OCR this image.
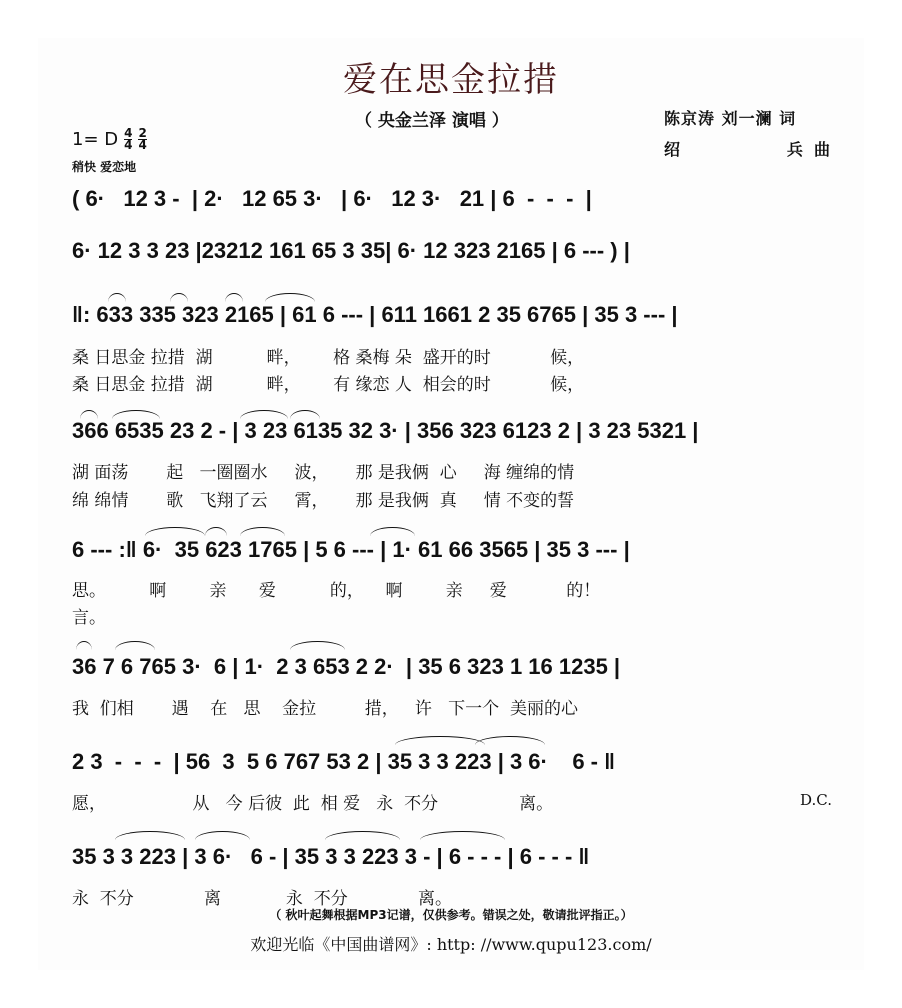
爱在思金拉措
（ 央金兰泽 演唱 ）	陈京涛 刘一澜 词
绍	兵 曲
1= D $\frac{4}{4} \frac{2}{4}$
稍快 爱恋地
( 6·   12 3 -  | 2·   12 65 3·   | 6·   12 3·   21 | 6  -  -  -  |
6· 12 3 3 23 |23212 161 65 3 35| 6· 12 323 2165 | 6 --- ) |
‖: 633 335 323 2165 | 61 6 --- | 611 1661 2 35 6765 | 35 3 --- |
桑 日思金 拉措  湖          畔，      格 桑梅 朵  盛开的时           候，
桑 日思金 拉措  湖          畔，      有 缘恋 人  相会的时           候，
366 6535 23 2 - | 3 23 6135 32 3· | 356 323 6123 2 | 3 23 5321 |
湖 面荡       起   一圈圈水     波，     那 是我俩  心     海 缠绵的情
绵 绵情       歌   飞翔了云     霄，     那 是我俩  真     情 不变的誓
6 --- :‖ 6·  35 623 1765 | 5 6 --- | 1· 61 66 3565 | 35 3 --- |
思。        啊        亲      爱          的，    啊        亲     爱           的！
言。
36 7 6 765 3·  6 | 1·  2 3 653 2 2·  | 35 6 323 1 16 1235 |
我  们相       遇    在   思    金拉         措，   许   下一个  美丽的心
2 3  -  -  -  | 56  3  5 6 767 53 2 | 35 3 3 223 | 3 6·    6 - ‖
愿，                从   今 后彼  此  相 爱   永  不分               离。	D.C.
35 3 3 223 | 3 6·   6 - | 35 3 3 223 3 - | 6 - - - | 6 - - - ‖
永  不分             离            永  不分             离。
（ 秋叶起舞根据MP3记谱，仅供参考。错误之处，敬请批评指正。）
欢迎光临《中国曲谱网》: http: //www.qupu123.com/
